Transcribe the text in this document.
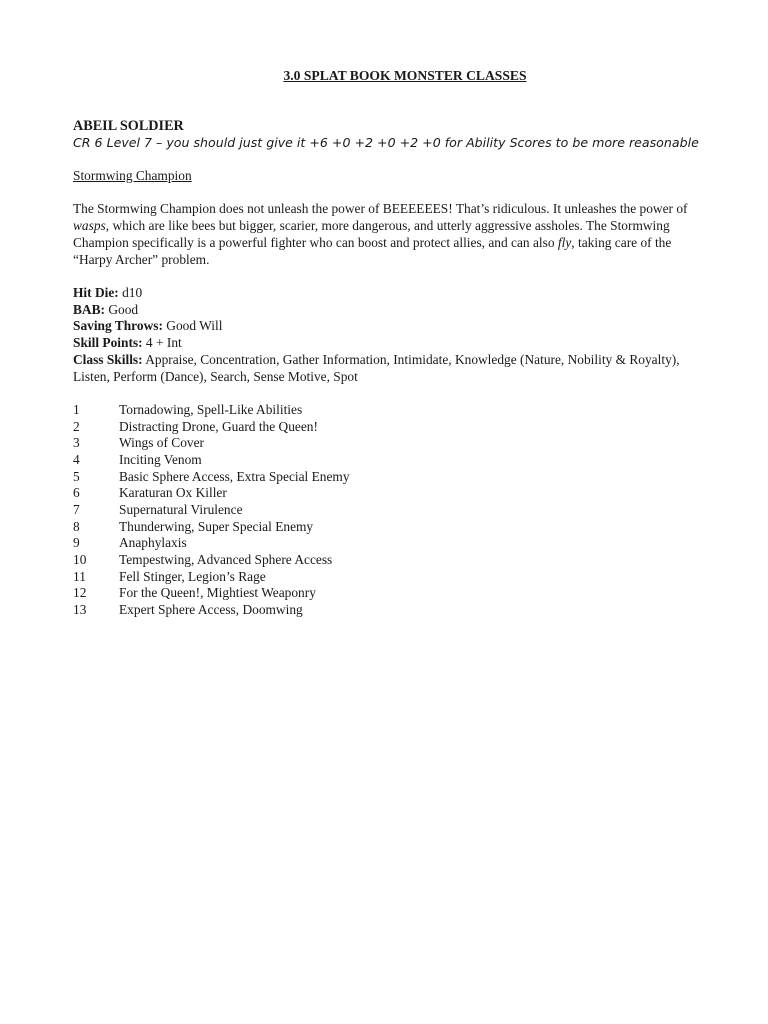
3.0 SPLAT BOOK MONSTER CLASSES

ABEIL SOLDIER

CR 6 Level 7 – you should just give it +6 +0 +2 +0 +2 +0 for Ability Scores to be more reasonable

Stormwing Champion

The Stormwing Champion does not unleash the power of BEEEEEES! That’s ridiculous. It unleashes the power of wasps, which are like bees but bigger, scarier, more dangerous, and utterly aggressive assholes. The Stormwing Champion specifically is a powerful fighter who can boost and protect allies, and can also fly, taking care of the “Harpy Archer” problem.

Hit Die: d10

BAB: Good

Saving Throws: Good Will

Skill Points: 4 + Int

Class Skills: Appraise, Concentration, Gather Information, Intimidate, Knowledge (Nature, Nobility & Royalty), Listen, Perform (Dance), Search, Sense Motive, Spot

1	Tornadowing, Spell-Like Abilities
2	Distracting Drone, Guard the Queen!
3	Wings of Cover
4	Inciting Venom
5	Basic Sphere Access, Extra Special Enemy
6	Karaturan Ox Killer
7	Supernatural Virulence
8	Thunderwing, Super Special Enemy
9	Anaphylaxis
10	Tempestwing, Advanced Sphere Access
11	Fell Stinger, Legion’s Rage
12	For the Queen!, Mightiest Weaponry
13	Expert Sphere Access, Doomwing
